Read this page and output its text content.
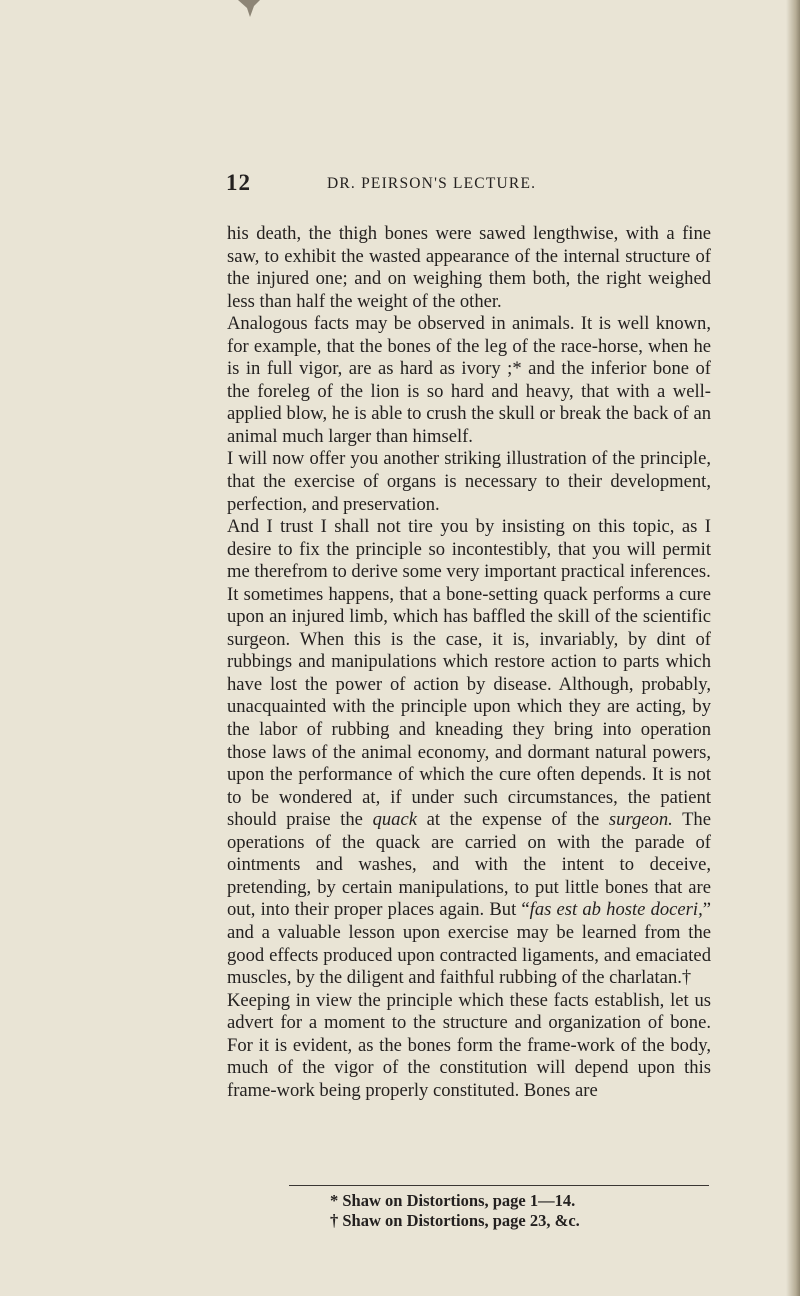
12	DR. PEIRSON'S LECTURE.

his death, the thigh bones were sawed lengthwise, with a fine saw, to exhibit the wasted appearance of the internal structure of the injured one; and on weighing them both, the right weighed less than half the weight of the other.

Analogous facts may be observed in animals. It is well known, for example, that the bones of the leg of the race-horse, when he is in full vigor, are as hard as ivory ;* and the inferior bone of the foreleg of the lion is so hard and heavy, that with a well-applied blow, he is able to crush the skull or break the back of an animal much larger than himself.

I will now offer you another striking illustration of the principle, that the exercise of organs is necessary to their development, perfection, and preservation.

And I trust I shall not tire you by insisting on this topic, as I desire to fix the principle so incontestibly, that you will permit me therefrom to derive some very important practical inferences.

It sometimes happens, that a bone-setting quack performs a cure upon an injured limb, which has baffled the skill of the scientific surgeon. When this is the case, it is, invariably, by dint of rubbings and manipulations which restore action to parts which have lost the power of action by disease. Although, probably, unacquainted with the principle upon which they are acting, by the labor of rubbing and kneading they bring into operation those laws of the animal economy, and dormant natural powers, upon the performance of which the cure often depends. It is not to be wondered at, if under such circumstances, the patient should praise the quack at the expense of the surgeon. The operations of the quack are carried on with the parade of ointments and washes, and with the intent to deceive, pretending, by certain manipulations, to put little bones that are out, into their proper places again. But “fas est ab hoste doceri,” and a valuable lesson upon exercise may be learned from the good effects produced upon contracted ligaments, and emaciated muscles, by the diligent and faithful rubbing of the charlatan.†

Keeping in view the principle which these facts establish, let us advert for a moment to the structure and organization of bone. For it is evident, as the bones form the frame-work of the body, much of the vigor of the constitution will depend upon this frame-work being properly constituted. Bones are

* Shaw on Distortions, page 1—14.
† Shaw on Distortions, page 23, &c.
